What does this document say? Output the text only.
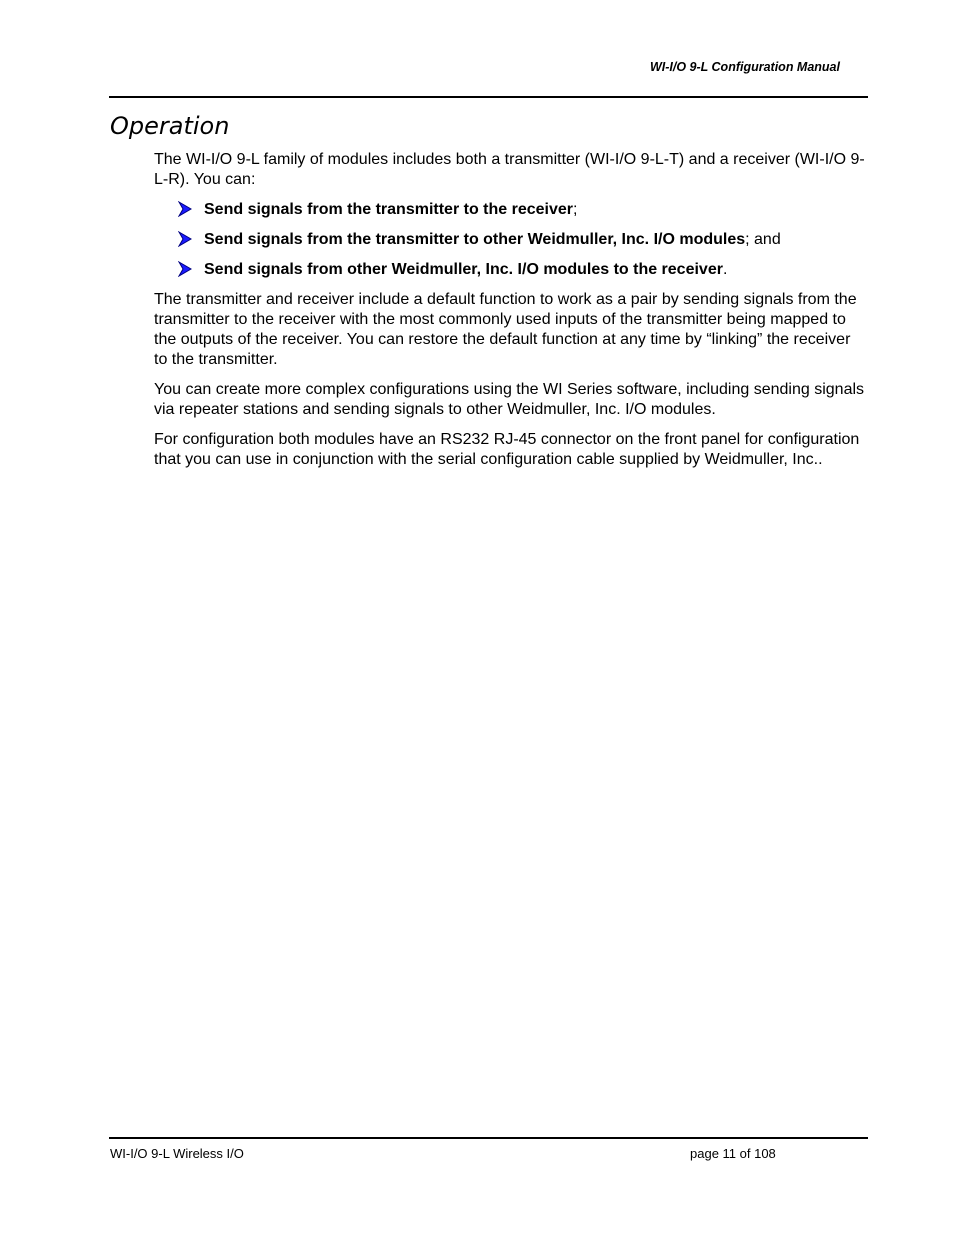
WI-I/O 9-L Configuration Manual
Operation

The WI-I/O 9-L family of modules includes both a transmitter (WI-I/O 9-L-T) and a receiver (WI-I/O 9-L-R). You can:

Send signals from the transmitter to the receiver;
Send signals from the transmitter to other Weidmuller, Inc. I/O modules; and
Send signals from other Weidmuller, Inc. I/O modules to the receiver.

The transmitter and receiver include a default function to work as a pair by sending signals from the transmitter to the receiver with the most commonly used inputs of the transmitter being mapped to the outputs of the receiver. You can restore the default function at any time by “linking” the receiver to the transmitter.

You can create more complex configurations using the WI Series software, including sending signals via repeater stations and sending signals to other Weidmuller, Inc. I/O modules.

For configuration both modules have an RS232 RJ-45 connector on the front panel for configuration that you can use in conjunction with the serial configuration cable supplied by Weidmuller, Inc..

WI-I/O 9-L Wireless I/O	page 11 of 108
